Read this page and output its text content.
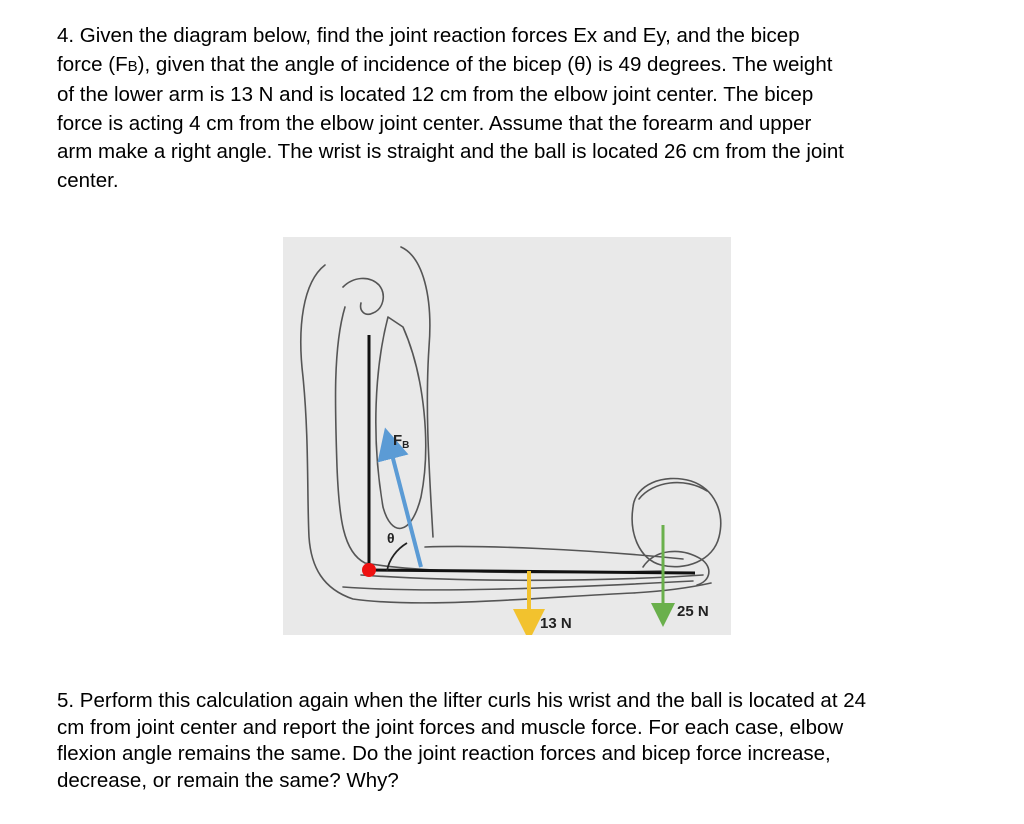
4. Given the diagram below, find the joint reaction forces Ex and Ey, and the bicep
force (FB), given that the angle of incidence of the bicep (θ) is 49 degrees. The weight
of the lower arm is 13 N and is located 12 cm from the elbow joint center. The bicep
force is acting 4 cm from the elbow joint center. Assume that the forearm and upper
arm make a right angle. The wrist is straight and the ball is located 26 cm from the joint
center.
$F_B$
θ
13 N
25 N
5. Perform this calculation again when the lifter curls his wrist and the ball is located at 24
cm from joint center and report the joint forces and muscle force. For each case, elbow
flexion angle remains the same. Do the joint reaction forces and bicep force increase,
decrease, or remain the same? Why?
